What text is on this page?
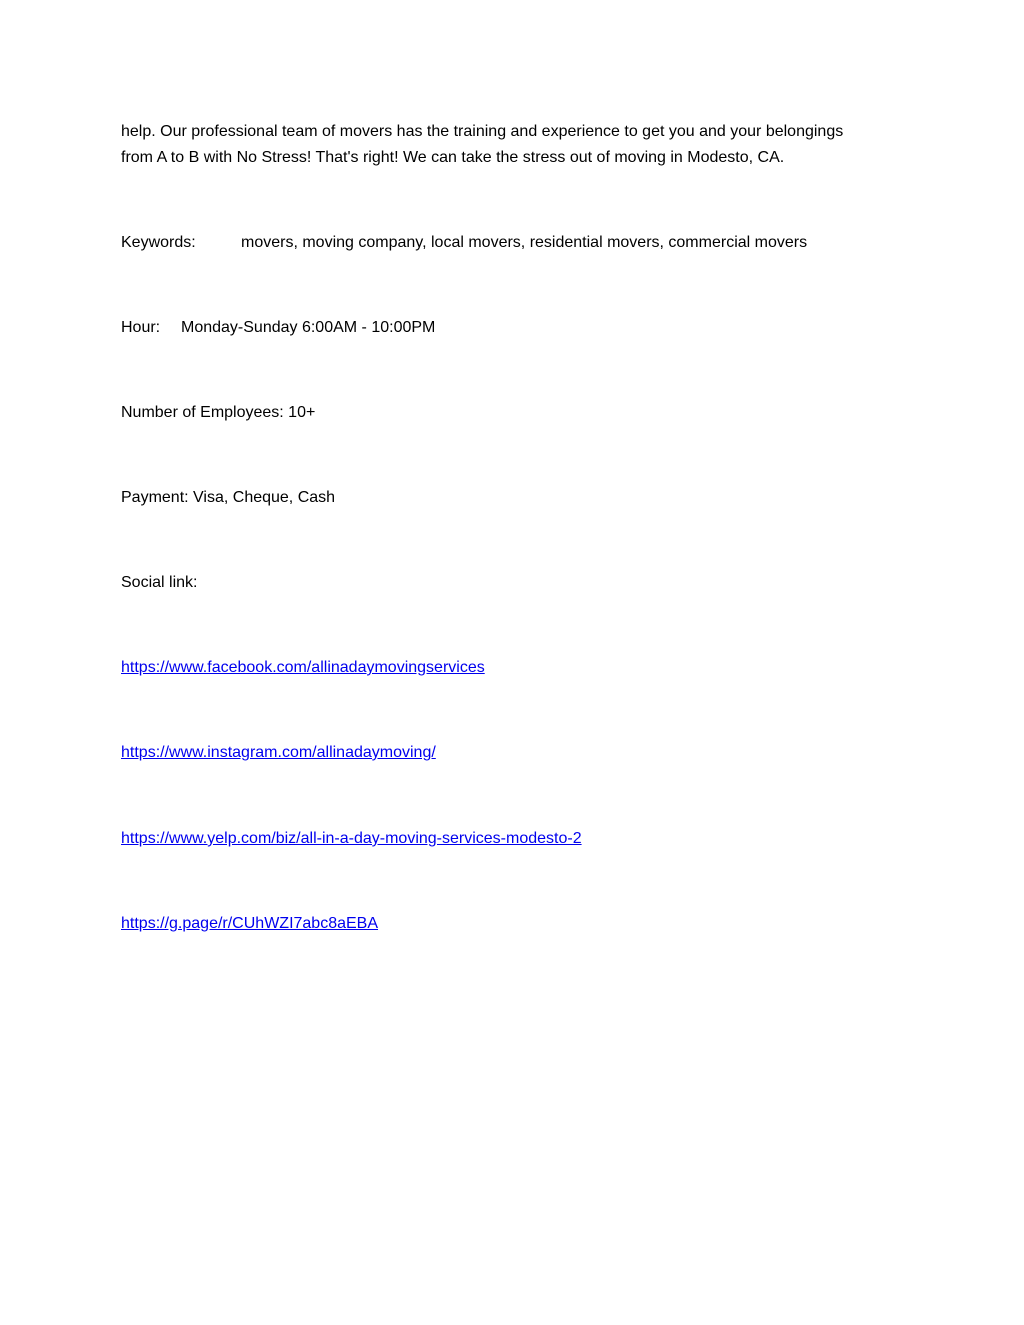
help. Our professional team of movers has the training and experience to get you and your belongings
from A to B with No Stress! That's right! We can take the stress out of moving in Modesto, CA.
Keywords:	movers, moving company, local movers, residential movers, commercial movers
Hour: Monday-Sunday 6:00AM - 10:00PM
Number of Employees: 10+
Payment: Visa, Cheque, Cash
Social link:
https://www.facebook.com/allinadaymovingservices
https://www.instagram.com/allinadaymoving/
https://www.yelp.com/biz/all-in-a-day-moving-services-modesto-2
https://g.page/r/CUhWZI7abc8aEBA
